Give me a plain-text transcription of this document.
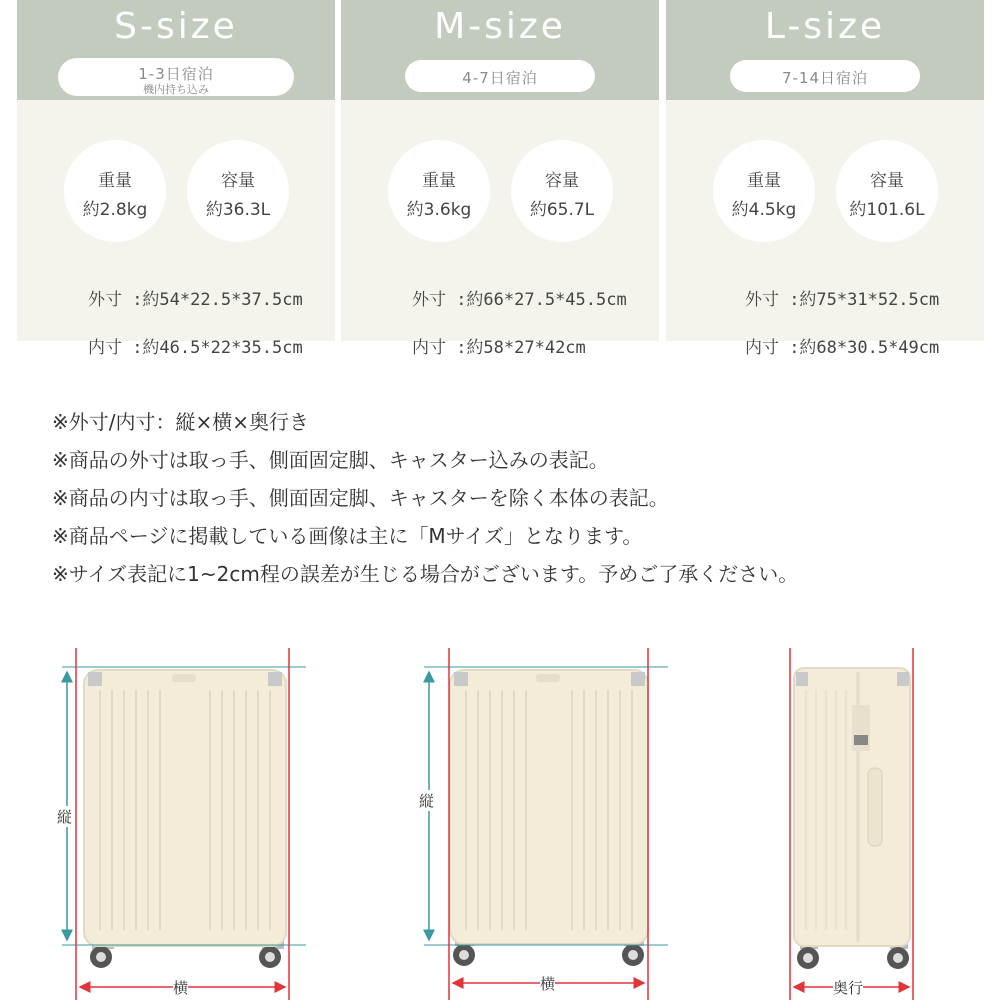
S-size
1-3日宿泊
機内持ち込み
重量
約2.8kg
容量
約36.3L

外寸 :約54*22.5*37.5cm

内寸 :約46.5*22*35.5cm

M-size
4-7日宿泊
重量
約3.6kg
容量
約65.7L

外寸 :約66*27.5*45.5cm

内寸 :約58*27*42cm

L-size
7-14日宿泊
重量
約4.5kg
容量
約101.6L

外寸 :約75*31*52.5cm

内寸 :約68*30.5*49cm

※外寸/内寸：縦×横×奥行き
※商品の外寸は取っ手、側面固定脚、キャスター込みの表記。
※商品の内寸は取っ手、側面固定脚、キャスターを除く本体の表記。
※商品ページに掲載している画像は主に「Mサイズ」となります。
※サイズ表記に1~2cm程の誤差が生じる場合がございます。予めご了承ください。
縦
横
縦
横	奥行
